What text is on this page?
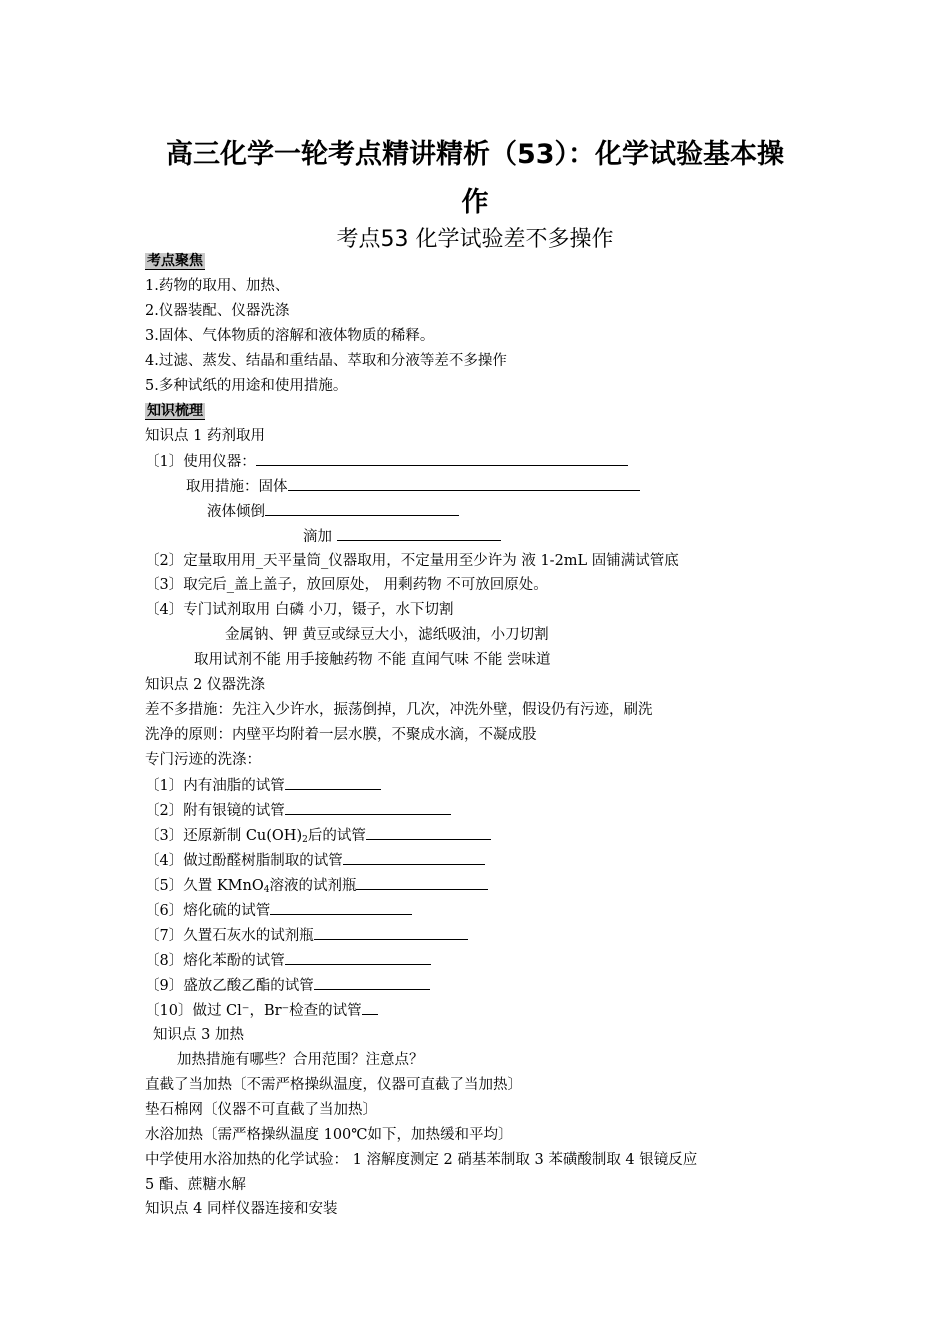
高三化学一轮考点精讲精析（53）：化学试验基本操
作
考点53 化学试验差不多操作
考点聚焦
1.药物的取用、加热、
2.仪器装配、仪器洗涤
3.固体、气体物质的溶解和液体物质的稀释。
4.过滤、蒸发、结晶和重结晶、萃取和分液等差不多操作
5.多种试纸的用途和使用措施。
知识梳理
知识点 1 药剂取用
〔1〕使用仪器：
取用措施：固体
液体倾倒
滴加
〔2〕定量取用用_天平量筒_仪器取用，不定量用至少许为 液 1-2mL 固铺满试管底
〔3〕取完后_盖上盖子，放回原处， 用剩药物 不可放回原处。
〔4〕专门试剂取用 白磷 小刀，镊子，水下切割
金属钠、钾 黄豆或绿豆大小，滤纸吸油，小刀切割
取用试剂不能 用手接触药物 不能 直闻气味 不能 尝味道
知识点 2 仪器洗涤
差不多措施：先注入少许水，振荡倒掉，几次，冲洗外壁，假设仍有污迹，刷洗
洗净的原则：内壁平均附着一层水膜，不聚成水滴，不凝成股
专门污迹的洗涤：
〔1〕内有油脂的试管
〔2〕附有银镜的试管
〔3〕还原新制 $Cu(OH)_2$后的试管
〔4〕做过酚醛树脂制取的试管
〔5〕久置 KMnO$_4$溶液的试剂瓶
〔6〕熔化硫的试管
〔7〕久置石灰水的试剂瓶
〔8〕熔化苯酚的试管
〔9〕盛放乙酸乙酯的试管
〔10〕做过 Cl⁻，Br⁻检查的试管
知识点 3 加热
加热措施有哪些？合用范围？注意点？
直截了当加热〔不需严格操纵温度，仪器可直截了当加热〕
垫石棉网〔仪器不可直截了当加热〕
水浴加热〔需严格操纵温度 100℃如下，加热缓和平均〕
中学使用水浴加热的化学试验： 1 溶解度测定 2 硝基苯制取 3 苯磺酸制取 4 银镜反应
5 酯、蔗糖水解
知识点 4 同样仪器连接和安装
